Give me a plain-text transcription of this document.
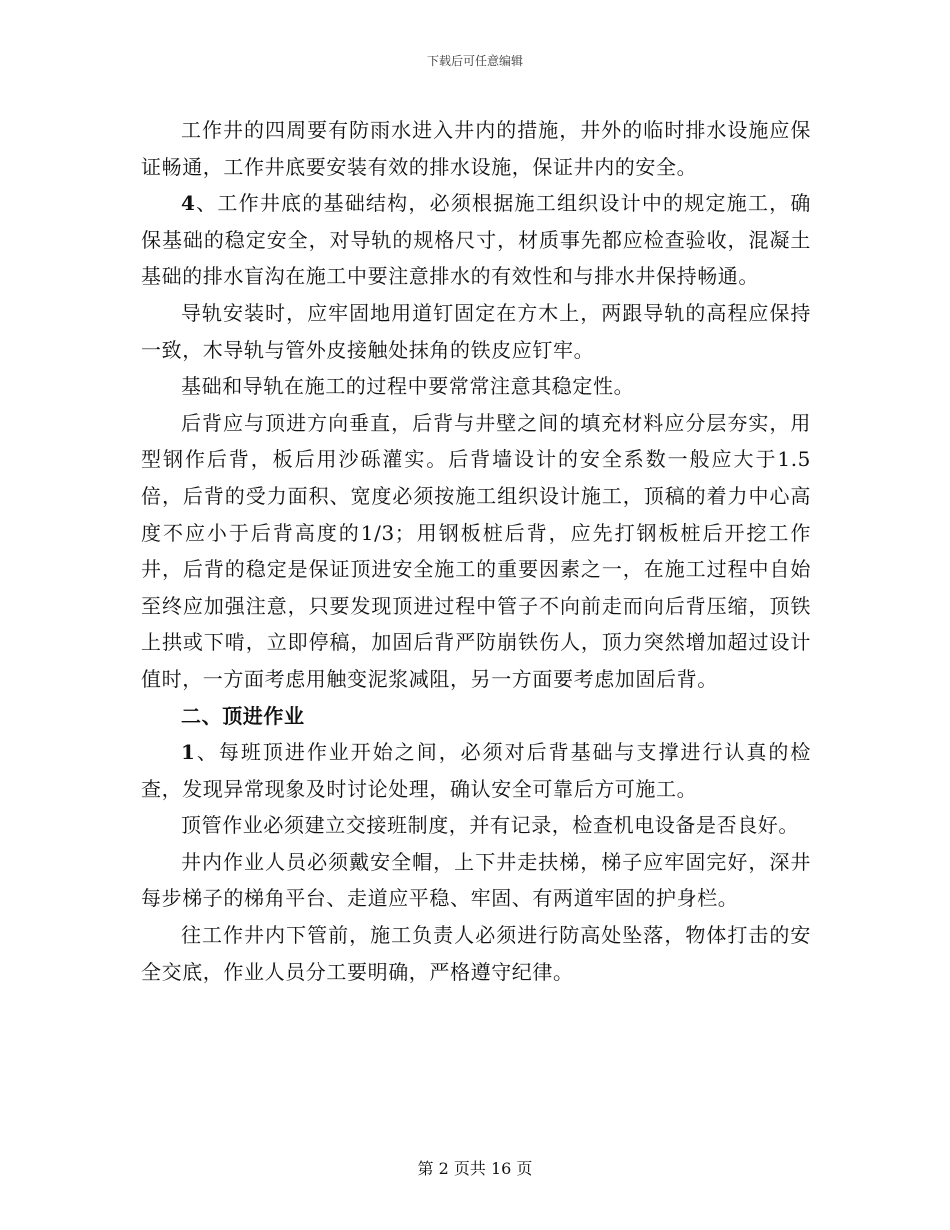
下载后可任意编辑

工作井的四周要有防雨水进入井内的措施，井外的临时排水设施应保证畅通，工作井底要安装有效的排水设施，保证井内的安全。

4、工作井底的基础结构，必须根据施工组织设计中的规定施工，确保基础的稳定安全，对导轨的规格尺寸，材质事先都应检查验收，混凝土基础的排水盲沟在施工中要注意排水的有效性和与排水井保持畅通。

导轨安装时，应牢固地用道钉固定在方木上，两跟导轨的高程应保持一致，木导轨与管外皮接触处抹角的铁皮应钉牢。

基础和导轨在施工的过程中要常常注意其稳定性。

后背应与顶进方向垂直，后背与井壁之间的填充材料应分层夯实，用型钢作后背，板后用沙砾灌实。后背墙设计的安全系数一般应大于1.5倍，后背的受力面积、宽度必须按施工组织设计施工，顶稿的着力中心高度不应小于后背高度的1/3；用钢板桩后背，应先打钢板桩后开挖工作井，后背的稳定是保证顶进安全施工的重要因素之一，在施工过程中自始至终应加强注意，只要发现顶进过程中管子不向前走而向后背压缩，顶铁上拱或下啃，立即停稿，加固后背严防崩铁伤人，顶力突然增加超过设计值时，一方面考虑用触变泥浆减阻，另一方面要考虑加固后背。

二、顶进作业

1、每班顶进作业开始之间，必须对后背基础与支撑进行认真的检查，发现异常现象及时讨论处理，确认安全可靠后方可施工。

顶管作业必须建立交接班制度，并有记录，检查机电设备是否良好。

井内作业人员必须戴安全帽，上下井走扶梯，梯子应牢固完好，深井每步梯子的梯角平台、走道应平稳、牢固、有两道牢固的护身栏。

往工作井内下管前，施工负责人必须进行防高处坠落，物体打击的安全交底，作业人员分工要明确，严格遵守纪律。

第 2 页共 16 页
